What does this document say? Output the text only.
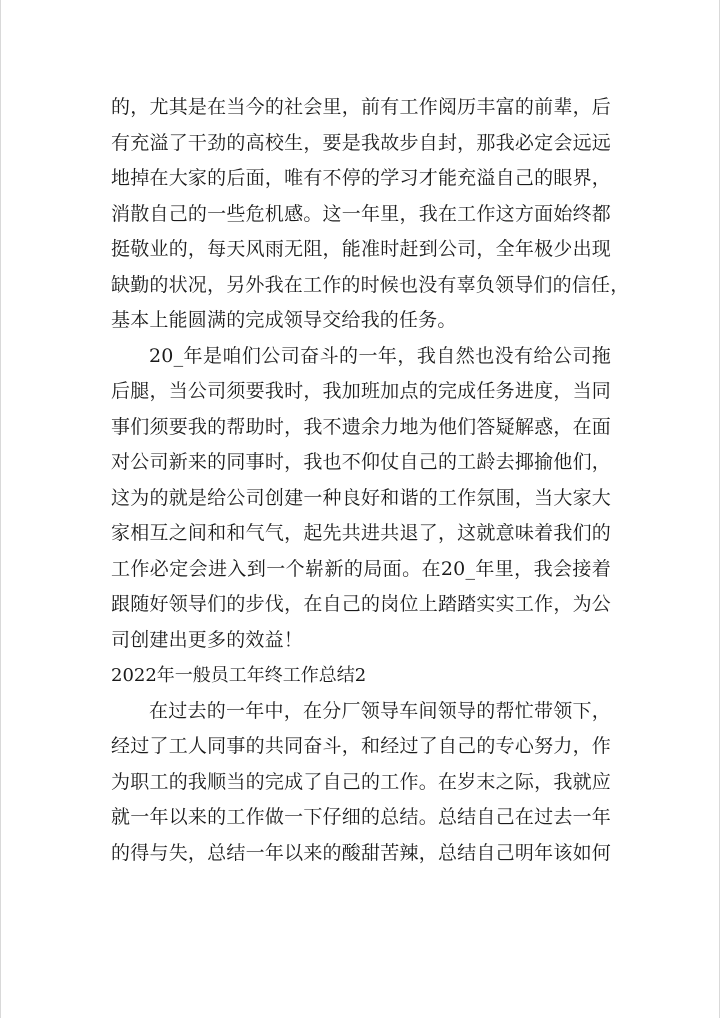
的，尤其是在当今的社会里，前有工作阅历丰富的前辈，后
有充溢了干劲的高校生，要是我故步自封，那我必定会远远
地掉在大家的后面，唯有不停的学习才能充溢自己的眼界，
消散自己的一些危机感。这一年里，我在工作这方面始终都
挺敬业的，每天风雨无阻，能准时赶到公司，全年极少出现
缺勤的状况，另外我在工作的时候也没有辜负领导们的信任，
基本上能圆满的完成领导交给我的任务。
20_年是咱们公司奋斗的一年，我自然也没有给公司拖
后腿，当公司须要我时，我加班加点的完成任务进度，当同
事们须要我的帮助时，我不遗余力地为他们答疑解惑，在面
对公司新来的同事时，我也不仰仗自己的工龄去揶揄他们，
这为的就是给公司创建一种良好和谐的工作氛围，当大家大
家相互之间和和气气，起先共进共退了，这就意味着我们的
工作必定会进入到一个崭新的局面。在20_年里，我会接着
跟随好领导们的步伐，在自己的岗位上踏踏实实工作，为公
司创建出更多的效益！
2022年一般员工年终工作总结2
在过去的一年中，在分厂领导车间领导的帮忙带领下，
经过了工人同事的共同奋斗，和经过了自己的专心努力，作
为职工的我顺当的完成了自己的工作。在岁末之际，我就应
就一年以来的工作做一下仔细的总结。总结自己在过去一年
的得与失，总结一年以来的酸甜苦辣，总结自己明年该如何
